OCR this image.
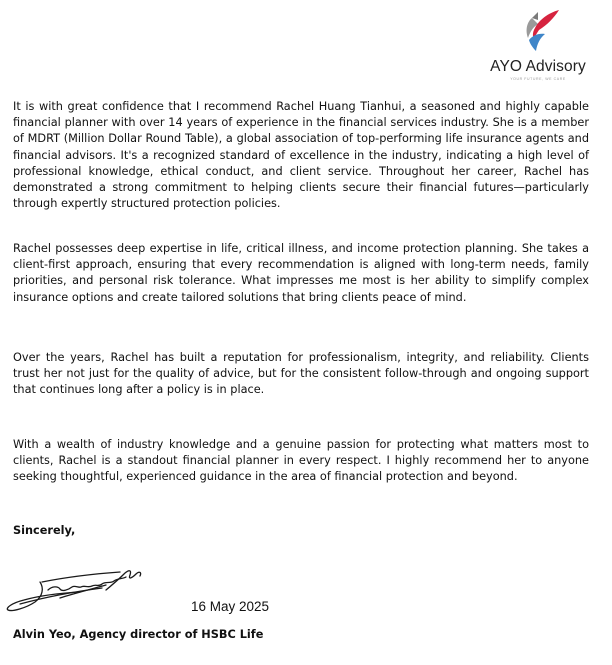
AYO Advisory
YOUR FUTURE, WE CARE

It is with great confidence that I recommend Rachel Huang Tianhui, a seasoned and highly capable financial planner with over 14 years of experience in the financial services industry. She is a member of MDRT (Million Dollar Round Table), a global association of top-performing life insurance agents and financial advisors. It's a recognized standard of excellence in the industry, indicating a high level of professional knowledge, ethical conduct, and client service. Throughout her career, Rachel has demonstrated a strong commitment to helping clients secure their financial futures—particularly through expertly structured protection policies.

Rachel possesses deep expertise in life, critical illness, and income protection planning. She takes a client-first approach, ensuring that every recommendation is aligned with long-term needs, family priorities, and personal risk tolerance. What impresses me most is her ability to simplify complex insurance options and create tailored solutions that bring clients peace of mind.

Over the years, Rachel has built a reputation for professionalism, integrity, and reliability. Clients trust her not just for the quality of advice, but for the consistent follow-through and ongoing support that continues long after a policy is in place.

With a wealth of industry knowledge and a genuine passion for protecting what matters most to clients, Rachel is a standout financial planner in every respect. I highly recommend her to anyone seeking thoughtful, experienced guidance in the area of financial protection and beyond.

Sincerely,

16 May 2025

Alvin Yeo, Agency director of HSBC Life
